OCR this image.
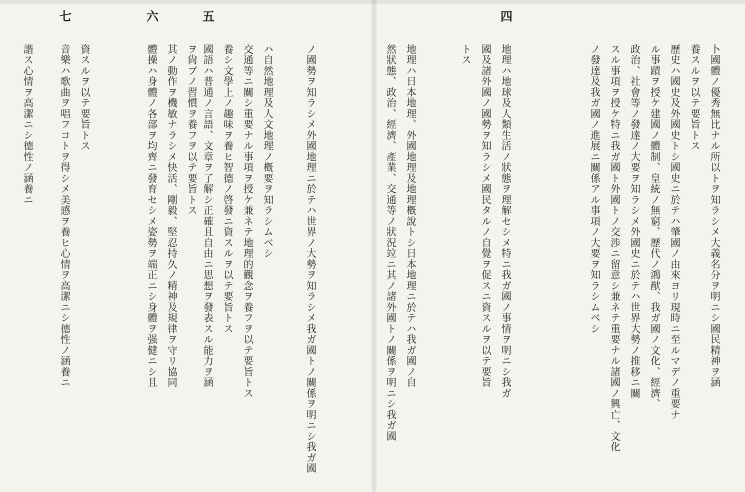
七	六	五
諧ス心情ヲ高潔ニシ德性ノ涵養ニ	音樂ハ歌曲ヲ唱フコトヲ得シメ美感ヲ養ヒ心情ヲ高潔ニシ德性ノ涵養ニ 資スルヲ以テ要旨トス	體操ハ身體ノ各部ヲ均齊ニ發育セシメ姿勢ヲ端正ニシ身體ヲ强健ニシ且 其ノ動作ヲ機敏ナラシメ快活、剛毅、堅忍持久ノ精神及規律ヲ守リ協同 ヲ尙ブノ習慣ヲ養フヲ以テ要旨トス 國語ハ普通ノ言語、文章ヲ了解シ正確且自由ニ思想ヲ發表スル能力ヲ涵 養シ文學上ノ趣味ヲ養ヒ智德ノ啓發ニ資スルヲ以テ要旨トス 交通等ニ關シ重要ナル事項ヲ授ケ兼ネテ地理的觀念ヲ養フヲ以テ要旨トス ハ自然地理及人文地理ノ槪要ヲ知ラシムベシ
四
卜國體ノ優秀無比ナル所以トヲ知ラシメ大義名分ヲ明ニシ國民精神ヲ涵
養スルヲ以テ要旨トス
歷史ハ國史及外國史トシ國史ニ於テハ肇國ノ由來ヨリ現時ニ至ルマデノ重要ナ
ル事蹟ヲ授ケ建國ノ體制、皇統ノ無窮、歷代ノ鴻猷、我ガ國ノ文化、經濟、
政治、社會等ノ發達ノ大要ヲ知ラシメ外國史ニ於テハ世界大勢ノ推移ニ關
スル事項ヲ授ケ特ニ我ガ國ト外國トノ交渉ニ留意シ兼ネテ重要ナル諸國ノ興亡、文化
ノ發達及我ガ國ノ進展ニ關係アル事項ノ大要ヲ知ラシムベシ
地理ハ地球及人類生活ノ狀態ヲ理解セシメ特ニ我ガ國ノ事情ヲ明ニシ我ガ
國及諸外國ノ國勢ヲ知ラシメ國民タルノ自覺ヲ促スニ資スルヲ以テ要旨
トス
地理ハ日本地理、外國地理及地理槪說トシ日本地理ニ於テハ我ガ國ノ自
然狀態、政治、經濟、產業、交通等ノ狀況竝ニ其ノ諸外國トノ關係ヲ明ニシ我ガ國
ノ國勢ヲ知ラシメ外國地理ニ於テハ世界ノ大勢ヲ知ラシメ我ガ國トノ關係ヲ明ニシ我ガ國
